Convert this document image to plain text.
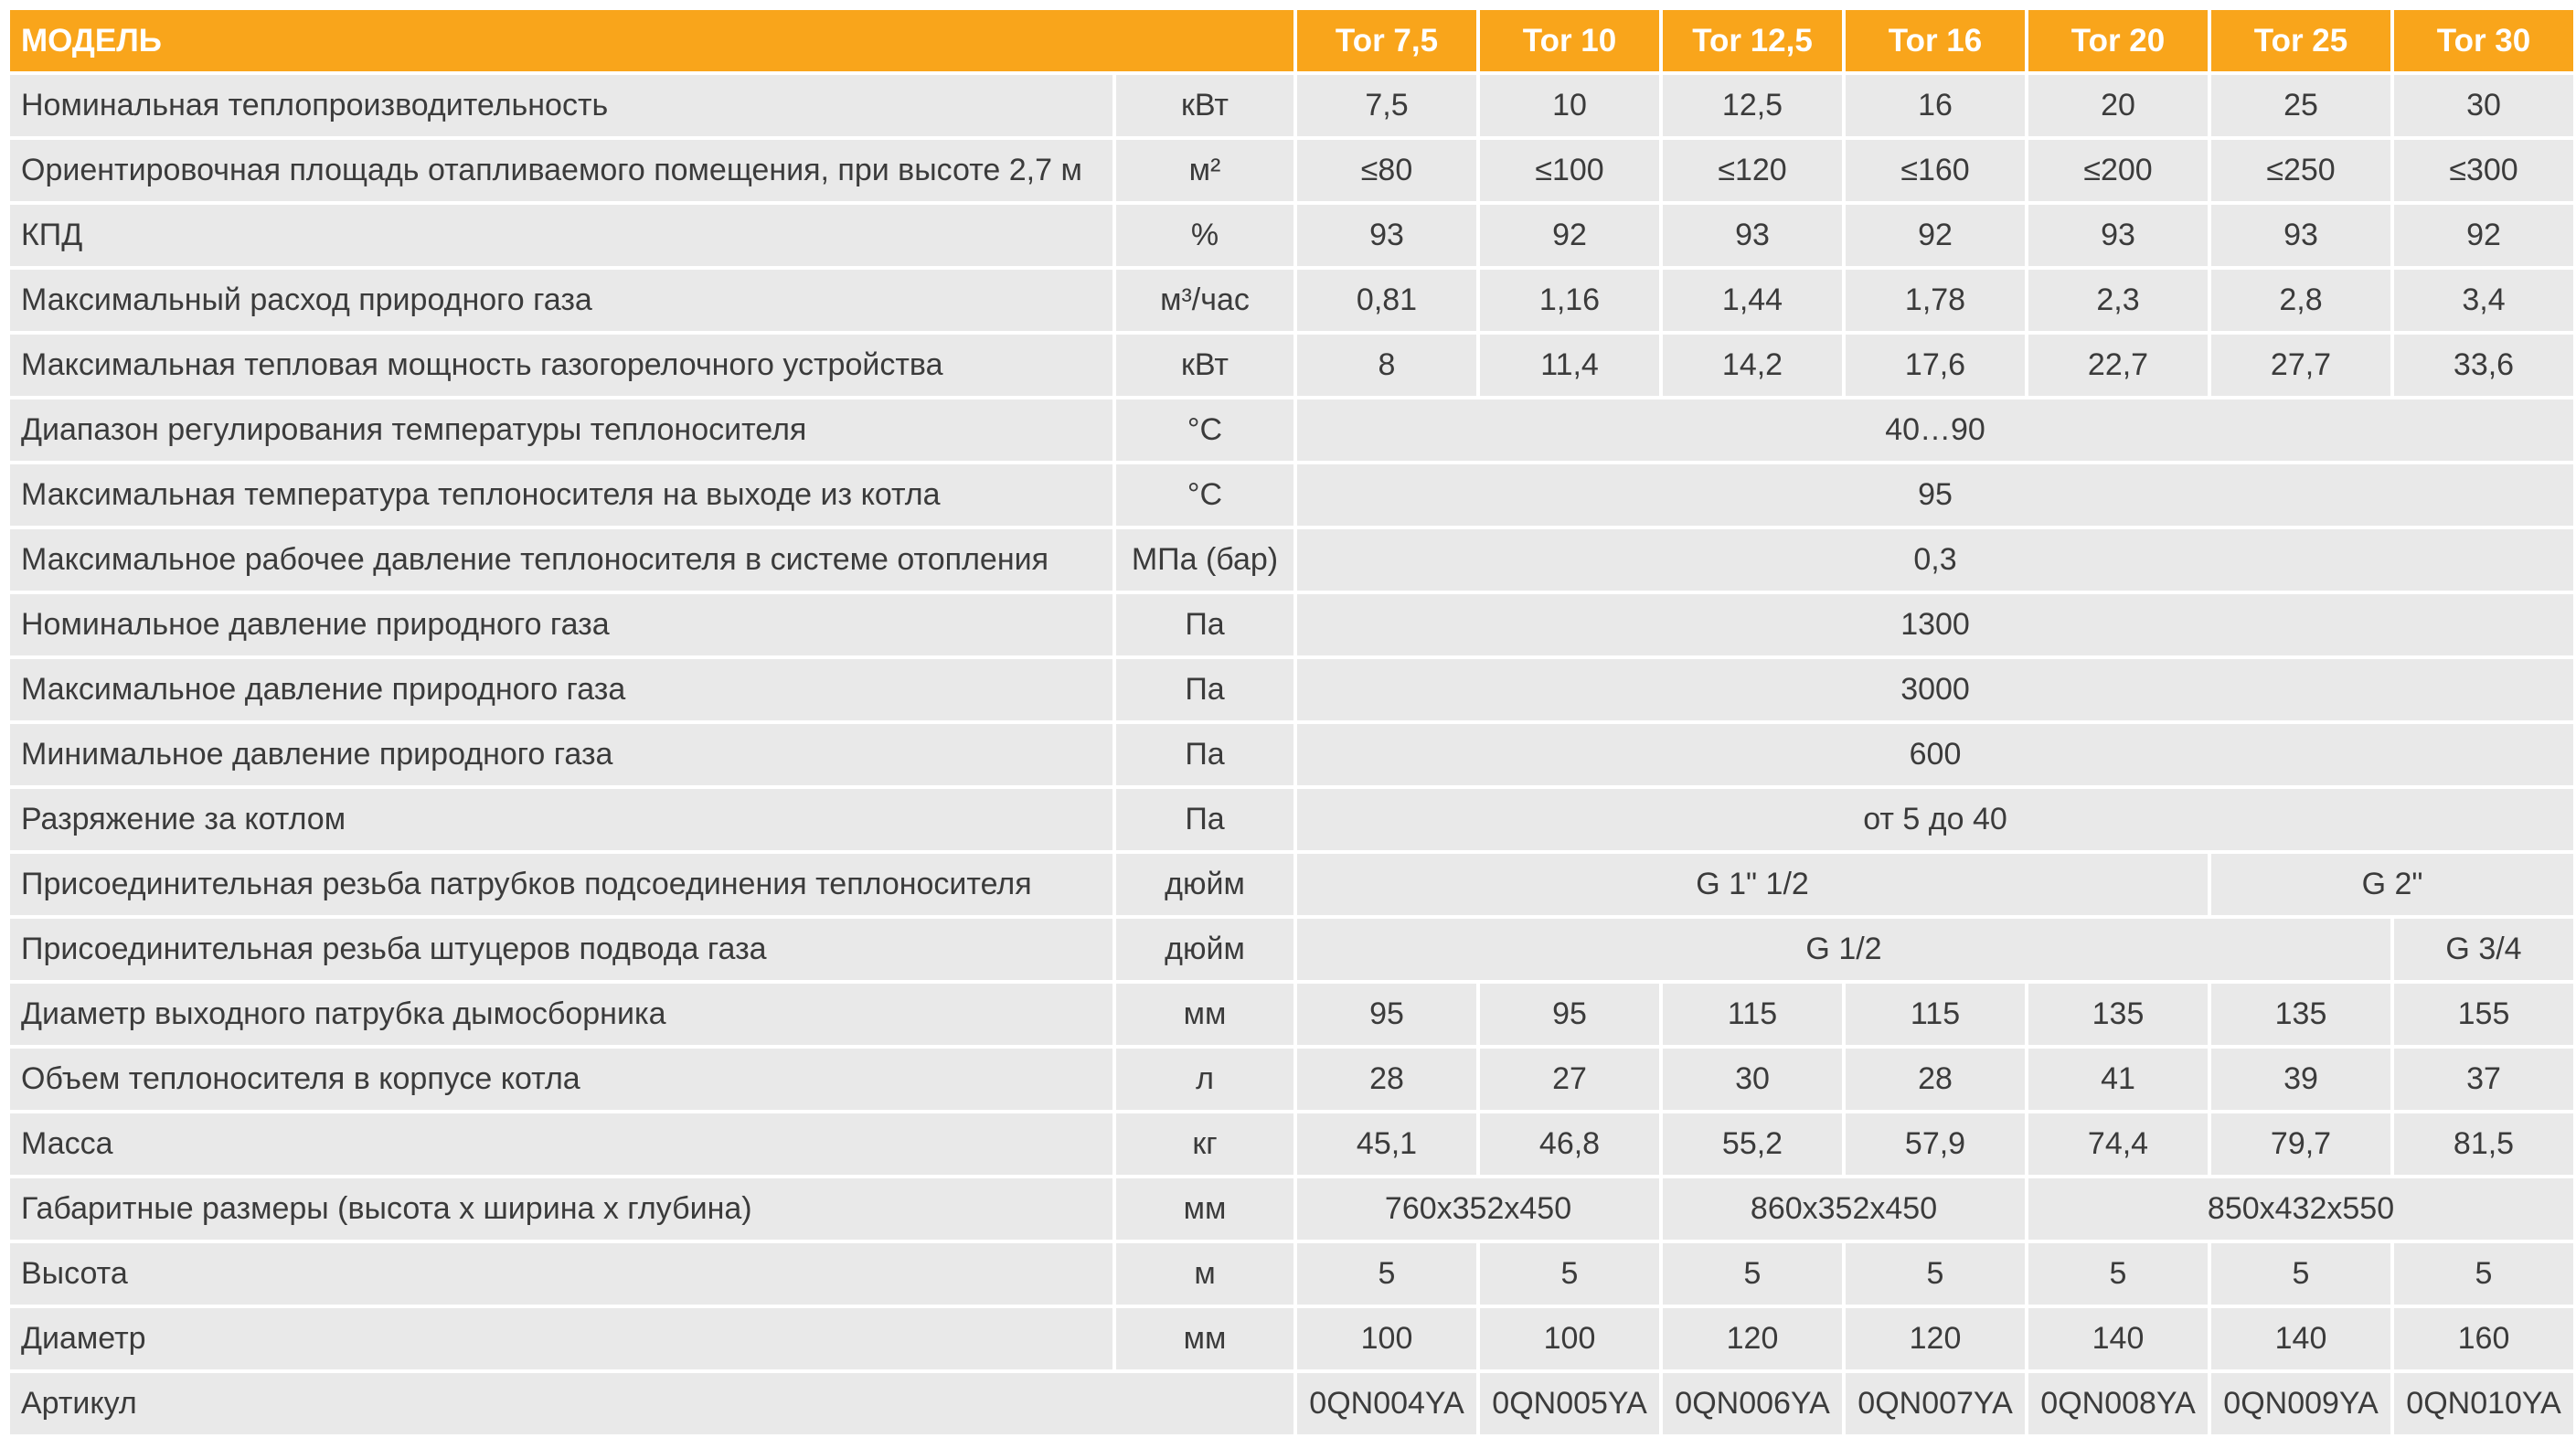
МОДЕЛЬ		Tor 7,5	Tor 10	Tor 12,5	Tor 16	Tor 20	Tor 25	Tor 30
Номинальная теплопроизводительность	кВт	7,5	10	12,5	16	20	25	30
Ориентировочная площадь отапливаемого помещения, при высоте 2,7 м	м²	≤80	≤100	≤120	≤160	≤200	≤250	≤300
КПД	%	93	92	93	92	93	93	92
Максимальный расход природного газа	м³/час	0,81	1,16	1,44	1,78	2,3	2,8	3,4
Максимальная тепловая мощность газогорелочного устройства	кВт	8	11,4	14,2	17,6	22,7	27,7	33,6
Диапазон регулирования температуры теплоносителя	°С	40…90						
Максимальная температура теплоносителя на выходе из котла	°С	95						
Максимальное рабочее давление теплоносителя в системе отопления	МПа (бар)	0,3						
Номинальное давление природного газа	Па	1300						
Максимальное давление природного газа	Па	3000						
Минимальное давление природного газа	Па	600						
Разряжение за котлом	Па	от 5 до 40						
Присоединительная резьба патрубков подсоединения теплоносителя	дюйм	G 1" 1/2					G 2"	
Присоединительная резьба штуцеров подвода газа	дюйм	G 1/2						G 3/4
Диаметр выходного патрубка дымосборника	мм	95	95	115	115	135	135	155
Объем теплоносителя в корпусе котла	л	28	27	30	28	41	39	37
Масса	кг	45,1	46,8	55,2	57,9	74,4	79,7	81,5
Габаритные размеры (высота х ширина х глубина)	мм	760х352х450		860х352х450		850х432х550		
Высота	м	5	5	5	5	5	5	5
Диаметр	мм	100	100	120	120	140	140	160
Артикул		0QN004YA	0QN005YA	0QN006YA	0QN007YA	0QN008YA	0QN009YA	0QN010YA
